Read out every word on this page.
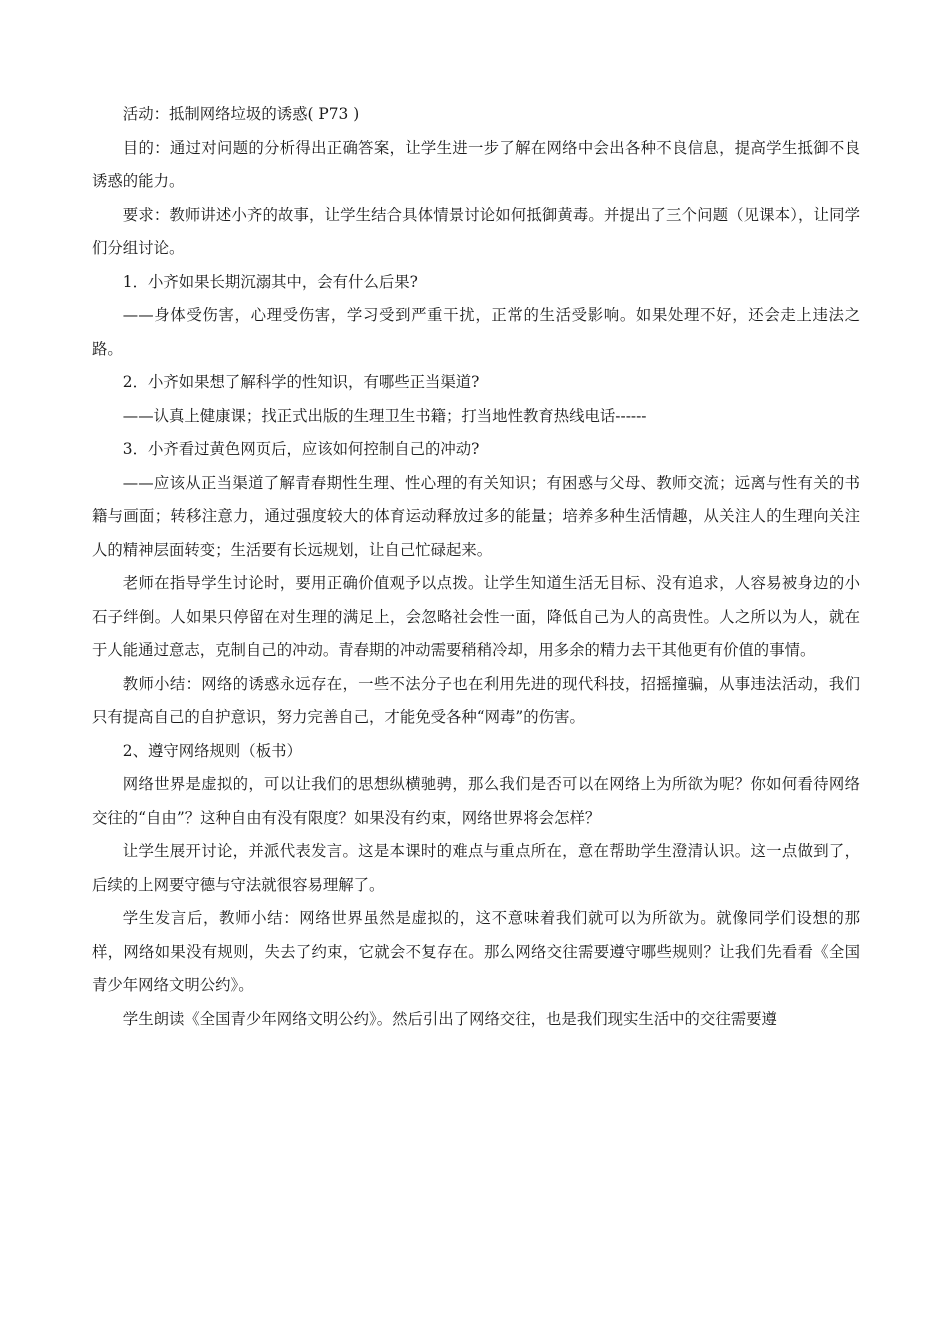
活动：抵制网络垃圾的诱惑( P73 )

目的：通过对问题的分析得出正确答案，让学生进一步了解在网络中会出各种不良信息，提高学生抵御不良诱惑的能力。

要求：教师讲述小齐的故事，让学生结合具体情景讨论如何抵御黄毒。并提出了三个问题（见课本），让同学们分组讨论。

1．小齐如果长期沉溺其中，会有什么后果?

——身体受伤害，心理受伤害，学习受到严重干扰，正常的生活受影响。如果处理不好，还会走上违法之路。

2．小齐如果想了解科学的性知识，有哪些正当渠道?

——认真上健康课；找正式出版的生理卫生书籍；打当地性教育热线电话------

3．小齐看过黄色网页后，应该如何控制自己的冲动?

——应该从正当渠道了解青春期性生理、性心理的有关知识；有困惑与父母、教师交流；远离与性有关的书籍与画面；转移注意力，通过强度较大的体育运动释放过多的能量；培养多种生活情趣，从关注人的生理向关注人的精神层面转变；生活要有长远规划，让自己忙碌起来。

老师在指导学生讨论时，要用正确价值观予以点拨。让学生知道生活无目标、没有追求，人容易被身边的小石子绊倒。人如果只停留在对生理的满足上，会忽略社会性一面，降低自己为人的高贵性。人之所以为人，就在于人能通过意志，克制自己的冲动。青春期的冲动需要稍稍冷却，用多余的精力去干其他更有价值的事情。

教师小结：网络的诱惑永远存在，一些不法分子也在利用先进的现代科技，招摇撞骗，从事违法活动，我们只有提高自己的自护意识，努力完善自己，才能免受各种“网毒”的伤害。

2、遵守网络规则（板书）

网络世界是虚拟的，可以让我们的思想纵横驰骋，那么我们是否可以在网络上为所欲为呢？你如何看待网络交往的“自由”？这种自由有没有限度？如果没有约束，网络世界将会怎样？

让学生展开讨论，并派代表发言。这是本课时的难点与重点所在，意在帮助学生澄清认识。这一点做到了，后续的上网要守德与守法就很容易理解了。

学生发言后，教师小结：网络世界虽然是虚拟的，这不意味着我们就可以为所欲为。就像同学们设想的那样，网络如果没有规则，失去了约束，它就会不复存在。那么网络交往需要遵守哪些规则？让我们先看看《全国青少年网络文明公约》。

学生朗读《全国青少年网络文明公约》。然后引出了网络交往，也是我们现实生活中的交往需要遵
